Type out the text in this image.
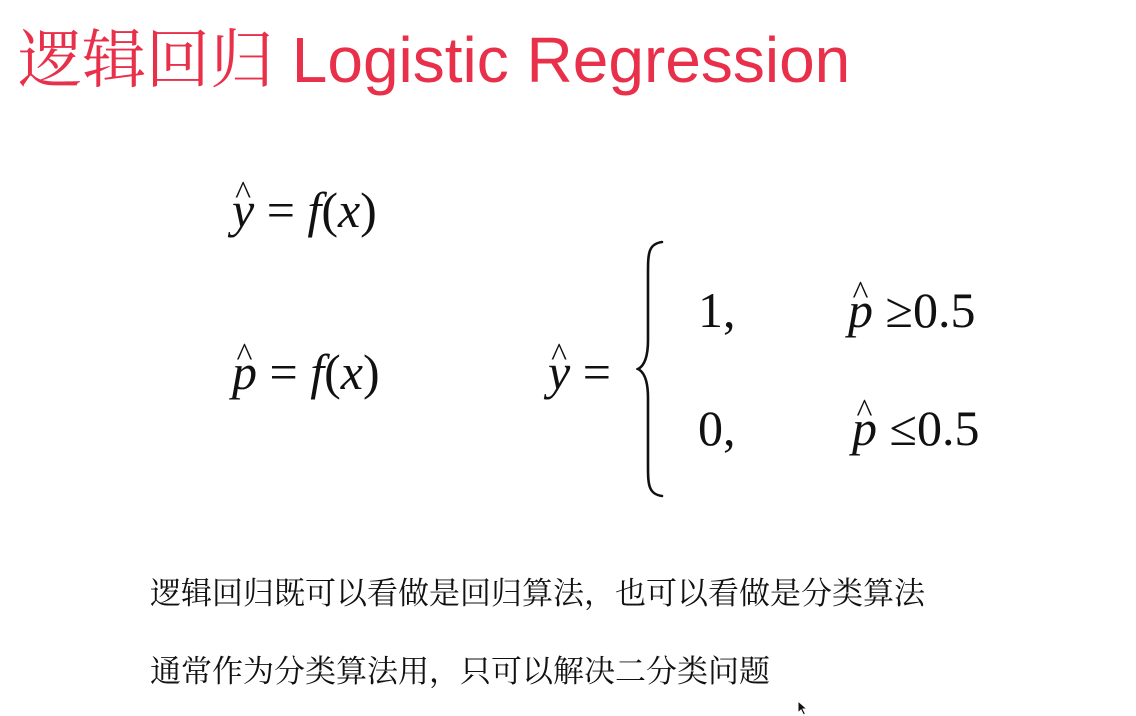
逻辑回归 Logistic Regression
^ y = f(x)
^ p = f(x)	^ y =
1, ^ p ≥0.5
0, ^ p ≤0.5
逻辑回归既可以看做是回归算法，也可以看做是分类算法
通常作为分类算法用，只可以解决二分类问题
